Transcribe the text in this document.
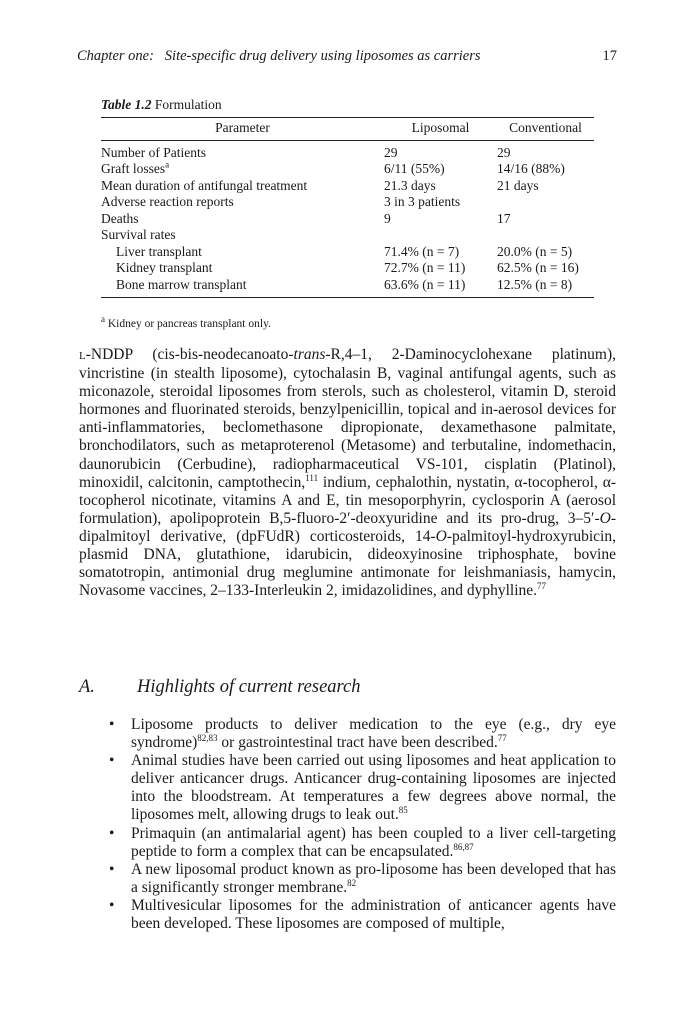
Chapter one: Site-specific drug delivery using liposomes as carriers	17
Table 1.2 Formulation
Parameter	Liposomal	Conventional
Number of Patients	29	29
Graft losses$^a$	6/11 (55%)	14/16 (88%)
Mean duration of antifungal treatment	21.3 days	21 days
Adverse reaction reports	3 in 3 patients	
Deaths	9	17
Survival rates		
Liver transplant	71.4% (n = 7)	20.0% (n = 5)
Kidney transplant	72.7% (n = 11)	62.5% (n = 16)
Bone marrow transplant	63.6% (n = 11)	12.5% (n = 8)
$^a$ Kidney or pancreas transplant only.
L-NDDP (cis-bis-neodecanoato-trans-R,4–1, 2-Daminocyclohexane platinum), vincristine (in stealth liposome), cytochalasin B, vaginal antifungal agents, such as miconazole, steroidal liposomes from sterols, such as cholesterol, vitamin D, steroid hormones and fluorinated steroids, benzylpenicillin, topical and in-aerosol devices for anti-inflammatories, beclomethasone dipropionate, dexamethasone palmitate, bronchodilators, such as metaproterenol (Metasome) and terbutaline, indomethacin, daunorubicin (Cerbudine), radiopharmaceutical VS-101, cisplatin (Platinol), minoxidil, calcitonin, camptothecin,$^{111}$ indium, cephalothin, nystatin, α-tocopherol, α-tocopherol nicotinate, vitamins A and E, tin mesoporphyrin, cyclosporin A (aerosol formulation), apolipoprotein B,5-fluoro-2′-deoxyuridine and its pro-drug, 3–5′-O-dipalmitoyl derivative, (dpFUdR) corticosteroids, 14-O-palmitoyl-hydroxyrubicin, plasmid DNA, glutathione, idarubicin, dideoxyinosine triphosphate, bovine somatotropin, antimonial drug meglumine antimonate for leishmaniasis, hamycin, Novasome vaccines, 2–133-Interleukin 2, imidazolidines, and dyphylline.$^{77}$
A. Highlights of current research
• Liposome products to deliver medication to the eye (e.g., dry eye syndrome)$^{82,83}$ or gastrointestinal tract have been described.$^{77}$
• Animal studies have been carried out using liposomes and heat application to deliver anticancer drugs. Anticancer drug-containing liposomes are injected into the bloodstream. At temperatures a few degrees above normal, the liposomes melt, allowing drugs to leak out.$^{85}$
• Primaquin (an antimalarial agent) has been coupled to a liver cell-targeting peptide to form a complex that can be encapsulated.$^{86,87}$
• A new liposomal product known as pro-liposome has been developed that has a significantly stronger membrane.$^{82}$
• Multivesicular liposomes for the administration of anticancer agents have been developed. These liposomes are composed of multiple,
